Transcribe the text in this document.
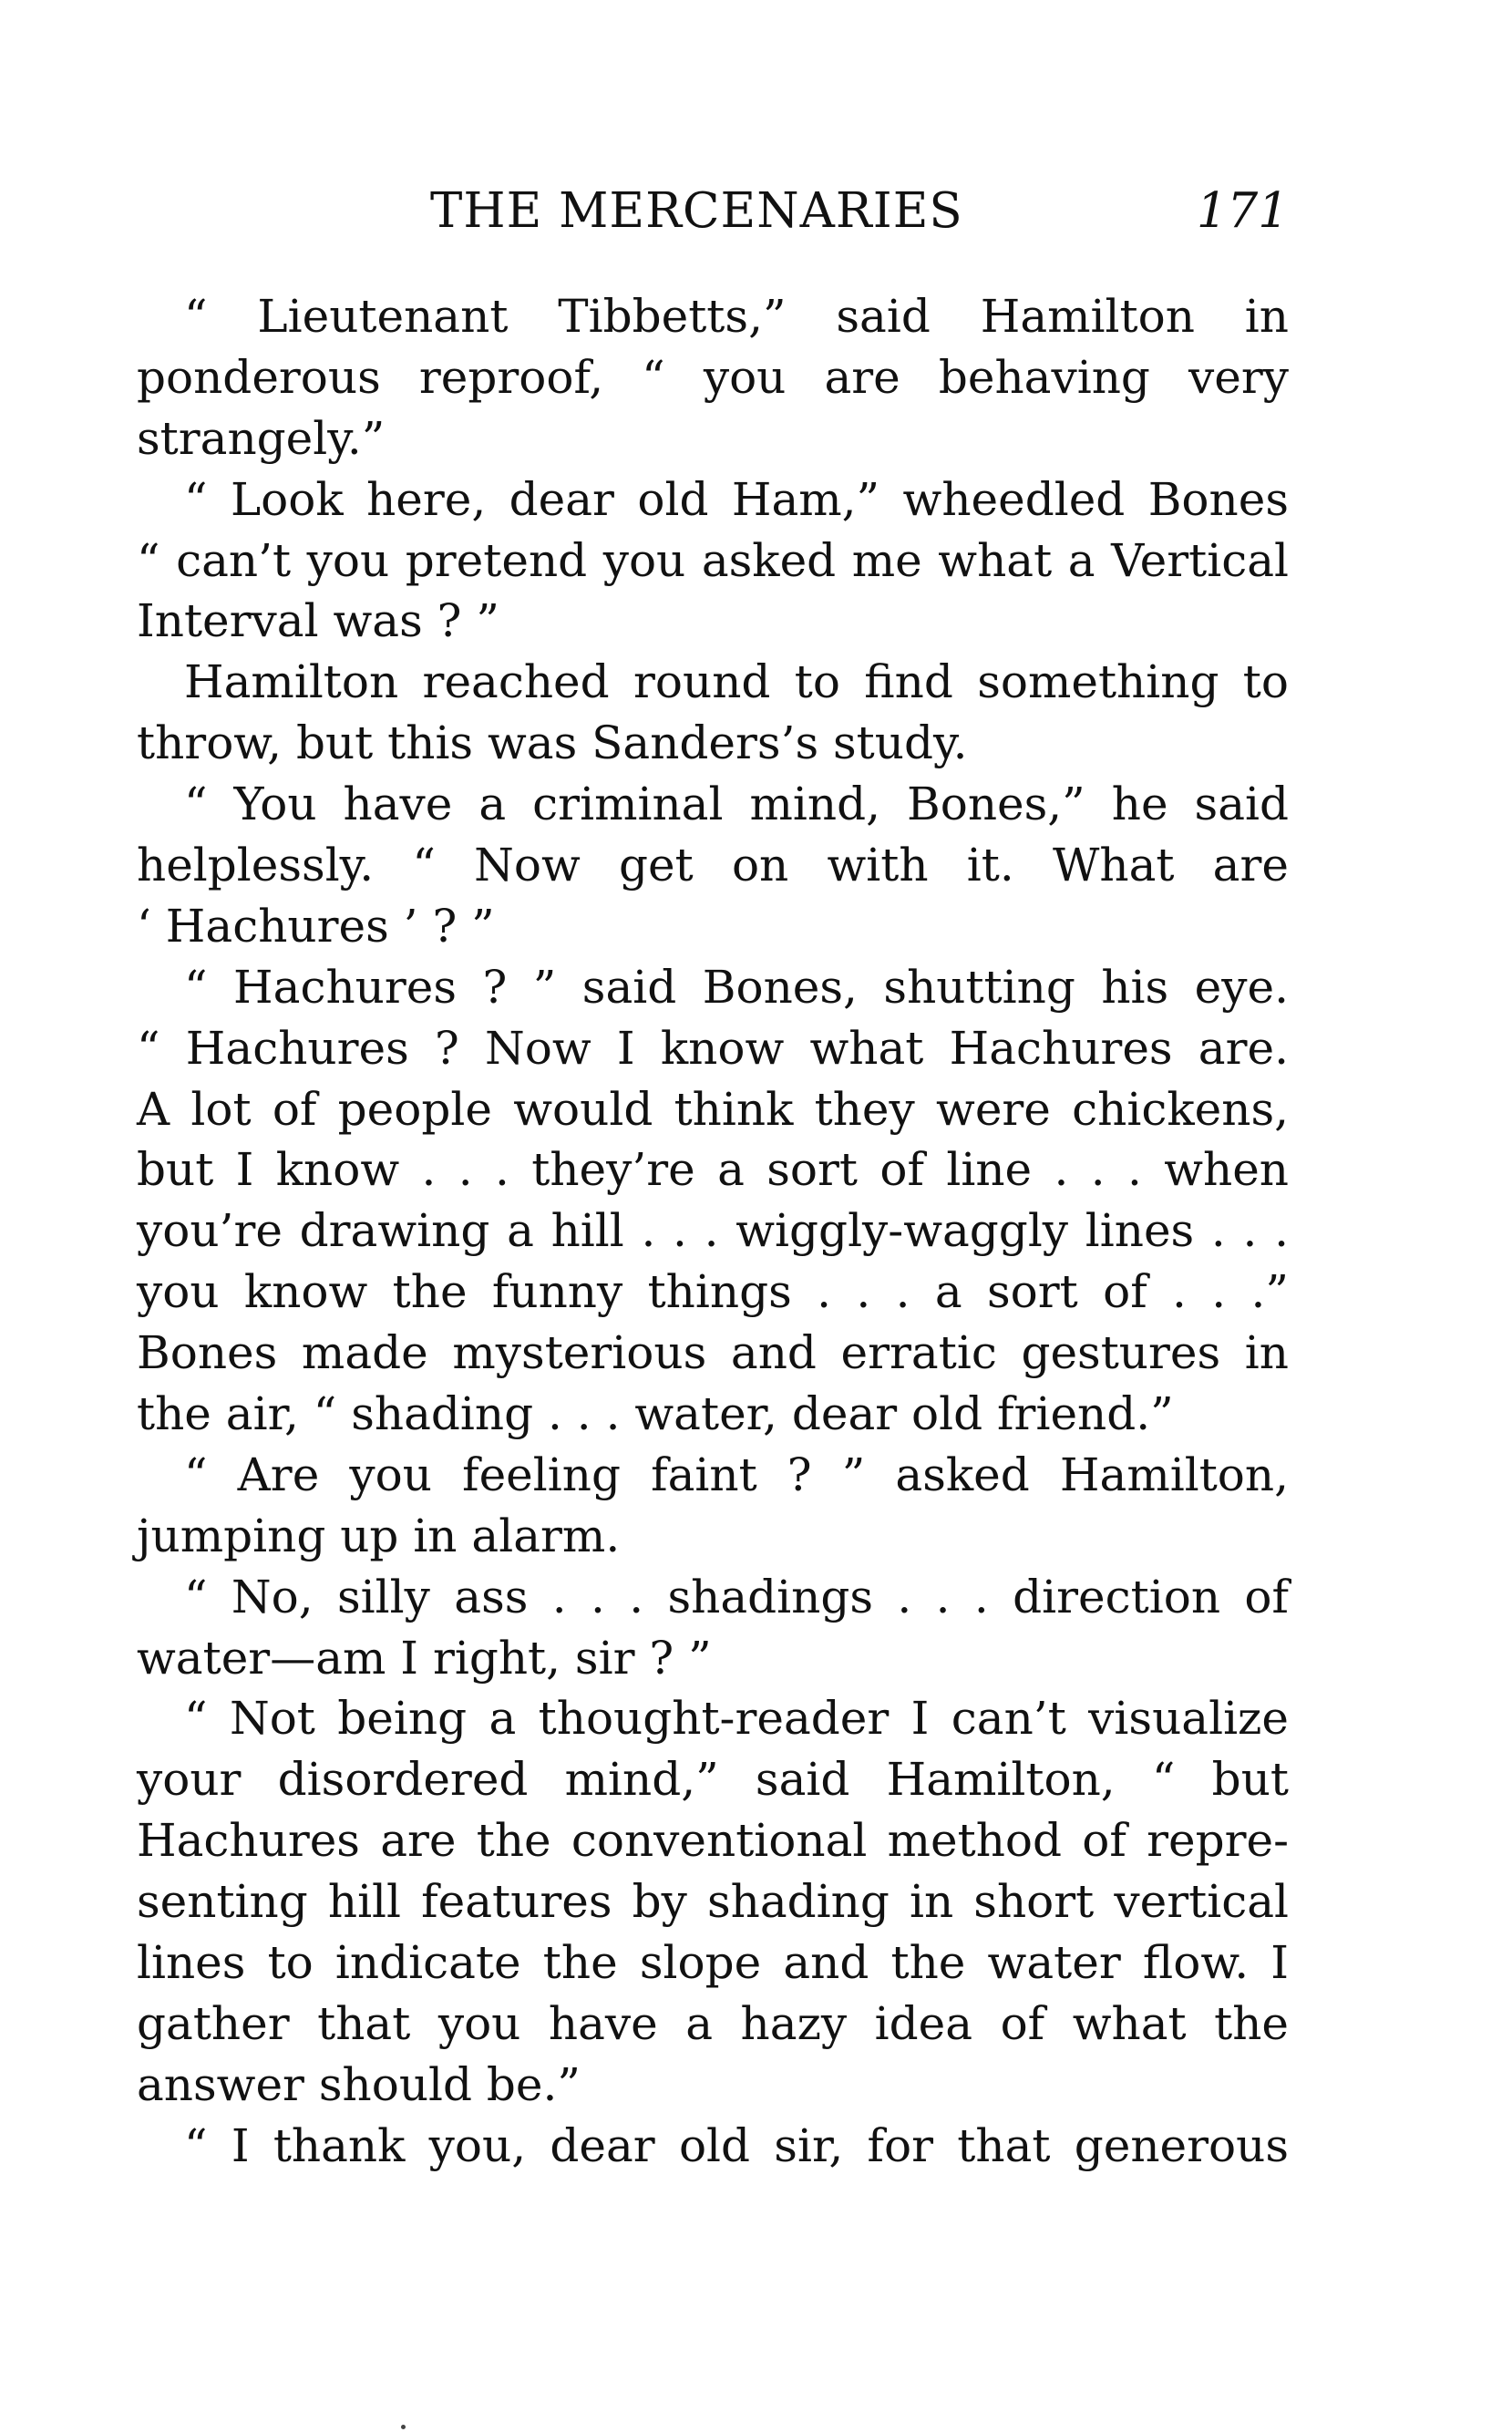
THE MERCENARIES	171
“ Lieutenant Tibbetts,” said Hamilton in
ponderous reproof, “ you are behaving very
strangely.”
“ Look here, dear old Ham,” wheedled Bones
“ can’t you pretend you asked me what a Vertical
Interval was ? ”
Hamilton reached round to find something to
throw, but this was Sanders’s study.
“ You have a criminal mind, Bones,” he said
helplessly. “ Now get on with it. What are
‘ Hachures ’ ? ”
“ Hachures ? ” said Bones, shutting his eye.
“ Hachures ? Now I know what Hachures are.
A lot of people would think they were chickens,
but I know . . . they’re a sort of line . . . when
you’re drawing a hill . . . wiggly-waggly lines . . .
you know the funny things . . . a sort of . . .”
Bones made mysterious and erratic gestures in
the air, “ shading . . . water, dear old friend.”
“ Are you feeling faint ? ” asked Hamilton,
jumping up in alarm.
“ No, silly ass . . . shadings . . . direction of
water—am I right, sir ? ”
“ Not being a thought-reader I can’t visualize
your disordered mind,” said Hamilton, “ but
Hachures are the conventional method of repre-
senting hill features by shading in short vertical
lines to indicate the slope and the water flow. I
gather that you have a hazy idea of what the
answer should be.”
“ I thank you, dear old sir, for that generous
